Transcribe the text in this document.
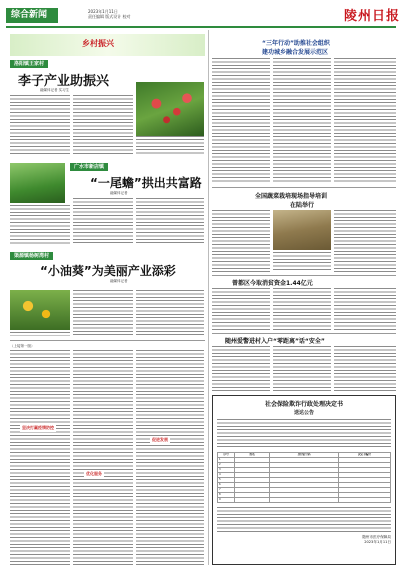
综合新闻	2023年1月11日
责任编辑 版式设计 校对	陵州日报
乡村振兴
洛阳镇王家村
李子产业助振兴
融媒体记者 实习生
广水市新店镇
“一尾蟾”拱出共富路
融媒体记者
渠源镇杨树湾村
“小油葵”为美丽产业添彩
融媒体记者
（上接第一版）
坚决打赢疫情防控
优化服务
促进发展
“三年行动”助推社会组织
建功城乡融合发展示范区
全国蔬菜栽培现场指导培训
在陆举行
曾都区今取消贫资金1.44亿元
随州爱警进村入户“零距离”话“安全”
社会保险欺诈行政处理决定书
送达公告
序号	姓名	身份证号码	决定书编号
1			
2			
3			
4			
5			
6			
7			
8			
9			
随州市医疗保障局
2023年1月11日
